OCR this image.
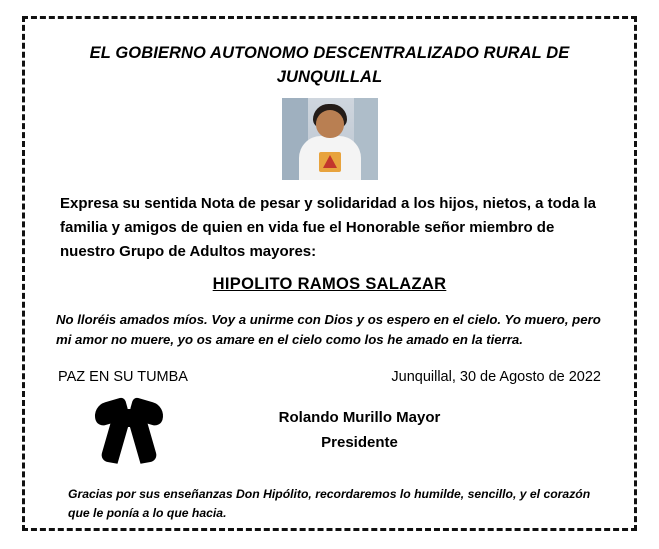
EL GOBIERNO AUTONOMO DESCENTRALIZADO RURAL DE JUNQUILLAL
Expresa su sentida Nota de pesar y solidaridad a los hijos, nietos, a toda la familia y amigos de quien en vida fue el Honorable señor miembro de nuestro Grupo de Adultos mayores:
HIPOLITO RAMOS SALAZAR
No lloréis amados míos. Voy a unirme con Dios y os espero en el cielo. Yo muero, pero mi amor no muere, yo os amare en el cielo como los he amado en la tierra.
PAZ EN SU TUMBA	Junquillal, 30 de Agosto de 2022
Rolando Murillo Mayor
Presidente
Gracias por sus enseñanzas Don Hipólito, recordaremos lo humilde, sencillo, y el corazón que le ponía a lo que hacia.
